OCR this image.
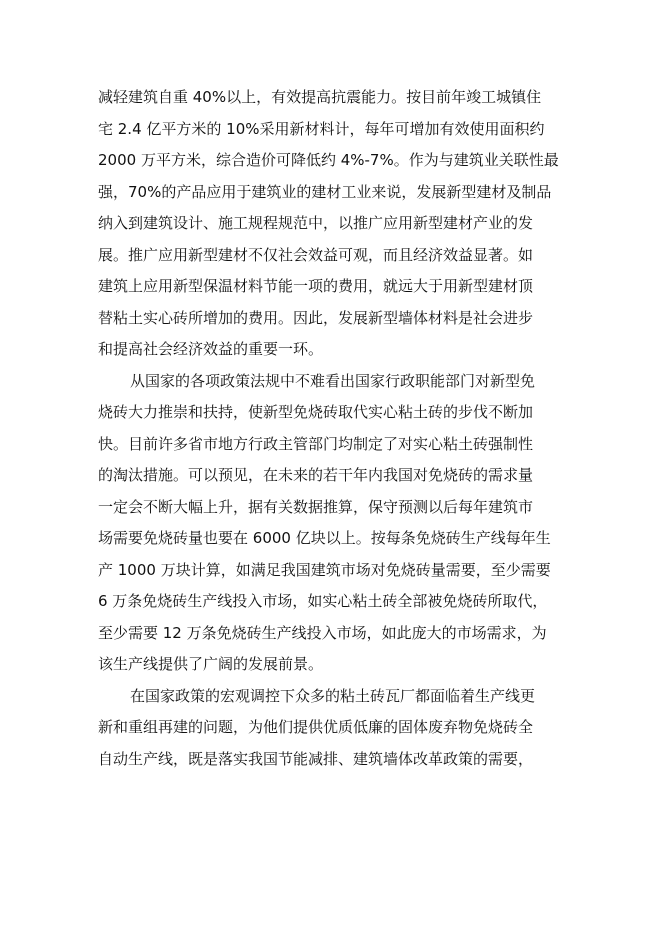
减轻建筑自重 40%以上，有效提高抗震能力。按目前年竣工城镇住
宅 2.4 亿平方米的 10%采用新材料计，每年可增加有效使用面积约
2000 万平方米，综合造价可降低约 4%-7%。作为与建筑业关联性最
强，70%的产品应用于建筑业的建材工业来说，发展新型建材及制品
纳入到建筑设计、施工规程规范中，以推广应用新型建材产业的发
展。推广应用新型建材不仅社会效益可观，而且经济效益显著。如
建筑上应用新型保温材料节能一项的费用，就远大于用新型建材顶
替粘土实心砖所增加的费用。因此，发展新型墙体材料是社会进步
和提高社会经济效益的重要一环。
从国家的各项政策法规中不难看出国家行政职能部门对新型免
烧砖大力推崇和扶持，使新型免烧砖取代实心粘土砖的步伐不断加
快。目前许多省市地方行政主管部门均制定了对实心粘土砖强制性
的淘汰措施。可以预见，在未来的若干年内我国对免烧砖的需求量
一定会不断大幅上升，据有关数据推算，保守预测以后每年建筑市
场需要免烧砖量也要在 6000 亿块以上。按每条免烧砖生产线每年生
产 1000 万块计算，如满足我国建筑市场对免烧砖量需要，至少需要
6 万条免烧砖生产线投入市场，如实心粘土砖全部被免烧砖所取代，
至少需要 12 万条免烧砖生产线投入市场，如此庞大的市场需求，为
该生产线提供了广阔的发展前景。
在国家政策的宏观调控下众多的粘土砖瓦厂都面临着生产线更
新和重组再建的问题，为他们提供优质低廉的固体废弃物免烧砖全
自动生产线，既是落实我国节能减排、建筑墙体改革政策的需要，
